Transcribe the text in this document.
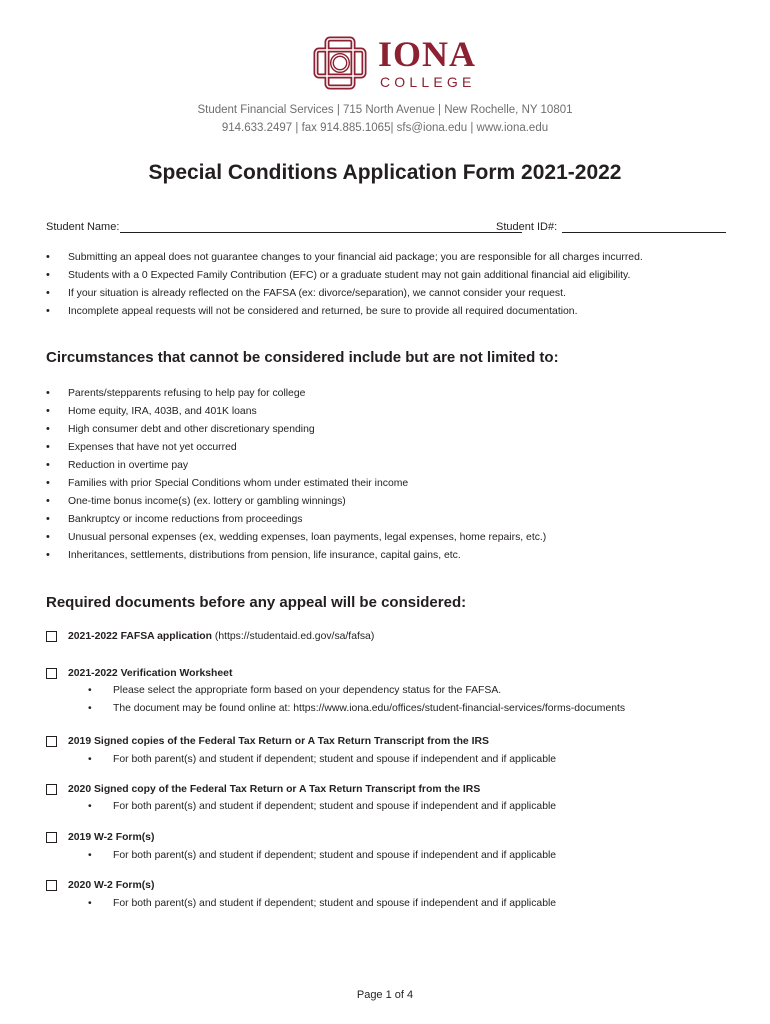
IONA
COLLEGE
Student Financial Services | 715 North Avenue | New Rochelle, NY 10801
914.633.2497 | fax 914.885.1065| sfs@iona.edu | www.iona.edu
Special Conditions Application Form 2021-2022
Student Name:	Student ID#:
• Submitting an appeal does not guarantee changes to your financial aid package; you are responsible for all charges incurred.
• Students with a 0 Expected Family Contribution (EFC) or a graduate student may not gain additional financial aid eligibility.
• If your situation is already reflected on the FAFSA (ex: divorce/separation), we cannot consider your request.
• Incomplete appeal requests will not be considered and returned, be sure to provide all required documentation.
Circumstances that cannot be considered include but are not limited to:
• Parents/stepparents refusing to help pay for college
• Home equity, IRA, 403B, and 401K loans
• High consumer debt and other discretionary spending
• Expenses that have not yet occurred
• Reduction in overtime pay
• Families with prior Special Conditions whom under estimated their income
• One-time bonus income(s) (ex. lottery or gambling winnings)
• Bankruptcy or income reductions from proceedings
• Unusual personal expenses (ex, wedding expenses, loan payments, legal expenses, home repairs, etc.)
• Inheritances, settlements, distributions from pension, life insurance, capital gains, etc.
Required documents before any appeal will be considered:
2021-2022 FAFSA application (https://studentaid.ed.gov/sa/fafsa)
2021-2022 Verification Worksheet
• Please select the appropriate form based on your dependency status for the FAFSA.
• The document may be found online at: https://www.iona.edu/offices/student-financial-services/forms-documents
2019 Signed copies of the Federal Tax Return or A Tax Return Transcript from the IRS
• For both parent(s) and student if dependent; student and spouse if independent and if applicable
2020 Signed copy of the Federal Tax Return or A Tax Return Transcript from the IRS
• For both parent(s) and student if dependent; student and spouse if independent and if applicable
2019 W-2 Form(s)
• For both parent(s) and student if dependent; student and spouse if independent and if applicable
2020 W-2 Form(s)
• For both parent(s) and student if dependent; student and spouse if independent and if applicable
Page 1 of 4
